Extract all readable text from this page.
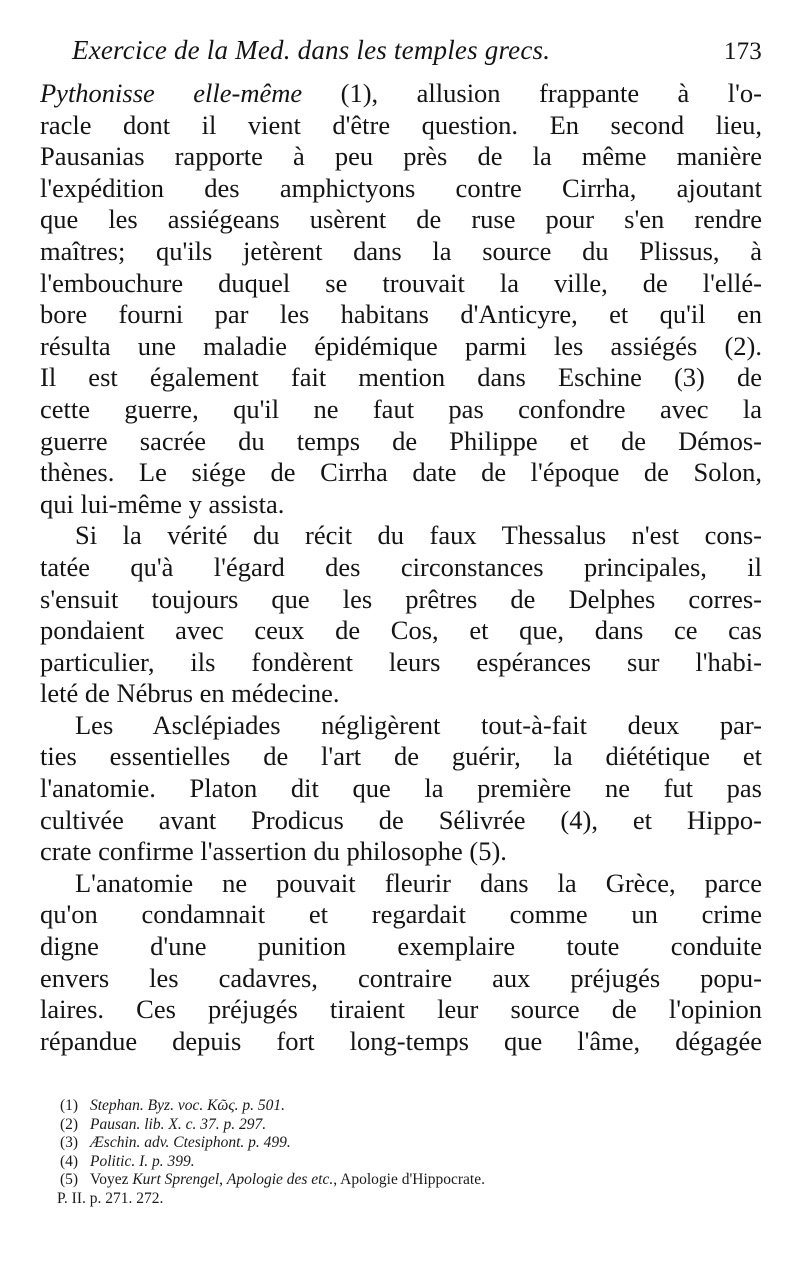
Exercice de la Med. dans les temples grecs.	173
Pythonisse elle-même (1), allusion frappante à l'o-
racle dont il vient d'être question. En second lieu,
Pausanias rapporte à peu près de la même manière
l'expédition des amphictyons contre Cirrha, ajoutant
que les assiégeans usèrent de ruse pour s'en rendre
maîtres; qu'ils jetèrent dans la source du Plissus, à
l'embouchure duquel se trouvait la ville, de l'ellé-
bore fourni par les habitans d'Anticyre, et qu'il en
résulta une maladie épidémique parmi les assiégés (2).
Il est également fait mention dans Eschine (3) de
cette guerre, qu'il ne faut pas confondre avec la
guerre sacrée du temps de Philippe et de Démos-
thènes. Le siége de Cirrha date de l'époque de Solon,
qui lui-même y assista.
Si la vérité du récit du faux Thessalus n'est cons-
tatée qu'à l'égard des circonstances principales, il
s'ensuit toujours que les prêtres de Delphes corres-
pondaient avec ceux de Cos, et que, dans ce cas
particulier, ils fondèrent leurs espérances sur l'habi-
leté de Nébrus en médecine.
Les Asclépiades négligèrent tout-à-fait deux par-
ties essentielles de l'art de guérir, la diététique et
l'anatomie. Platon dit que la première ne fut pas
cultivée avant Prodicus de Sélivrée (4), et Hippo-
crate confirme l'assertion du philosophe (5).
L'anatomie ne pouvait fleurir dans la Grèce, parce
qu'on condamnait et regardait comme un crime
digne d'une punition exemplaire toute conduite
envers les cadavres, contraire aux préjugés popu-
laires. Ces préjugés tiraient leur source de l'opinion
répandue depuis fort long-temps que l'âme, dégagée
(1) Stephan. Byz. voc. Kῶς. p. 501.
(2) Pausan. lib. X. c. 37. p. 297.
(3) Æschin. adv. Ctesiphont. p. 499.
(4) Politic. I. p. 399.
(5) Voyez Kurt Sprengel, Apologie des etc., Apologie d'Hippocrate.
P. II. p. 271. 272.
